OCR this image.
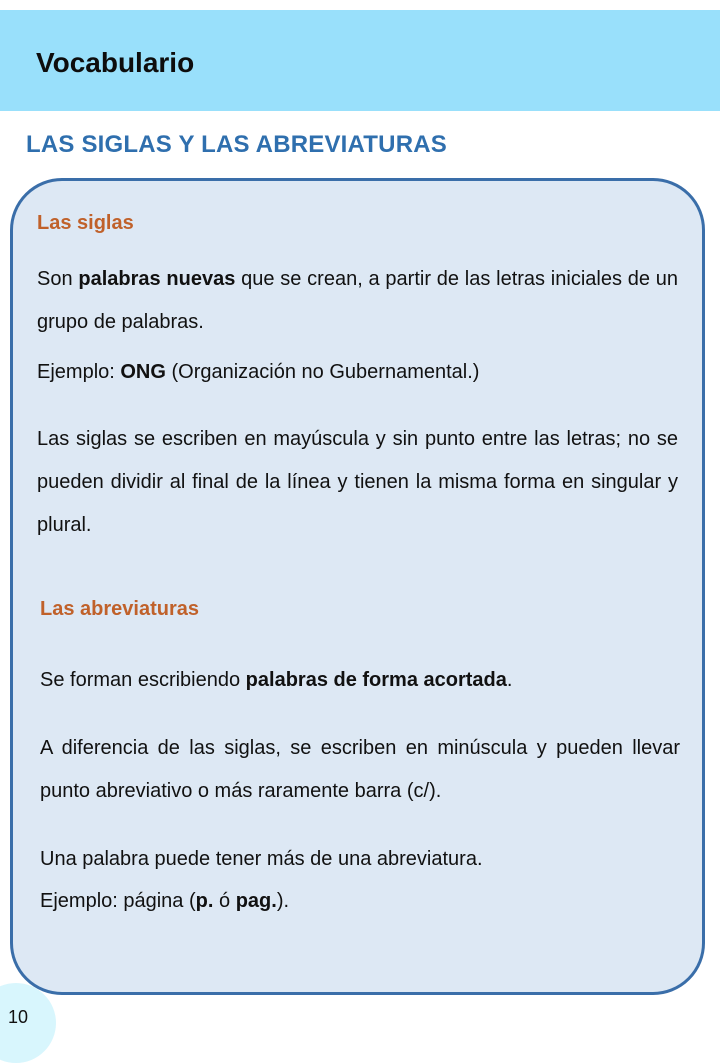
Vocabulario
LAS SIGLAS Y LAS ABREVIATURAS
Las siglas

Son palabras nuevas que se crean, a partir de las letras iniciales de un grupo de palabras.

Ejemplo: ONG (Organización no Gubernamental.)

Las siglas se escriben en mayúscula y sin punto entre las letras; no se pueden dividir al final de la línea y tienen la misma forma en singular y plural.

Las abreviaturas

Se forman escribiendo palabras de forma acortada.

A diferencia de las siglas, se escriben en minúscula y pueden llevar punto abreviativo o más raramente barra (c/).

Una palabra puede tener más de una abreviatura.

Ejemplo: página (p. ó pag.).

10
